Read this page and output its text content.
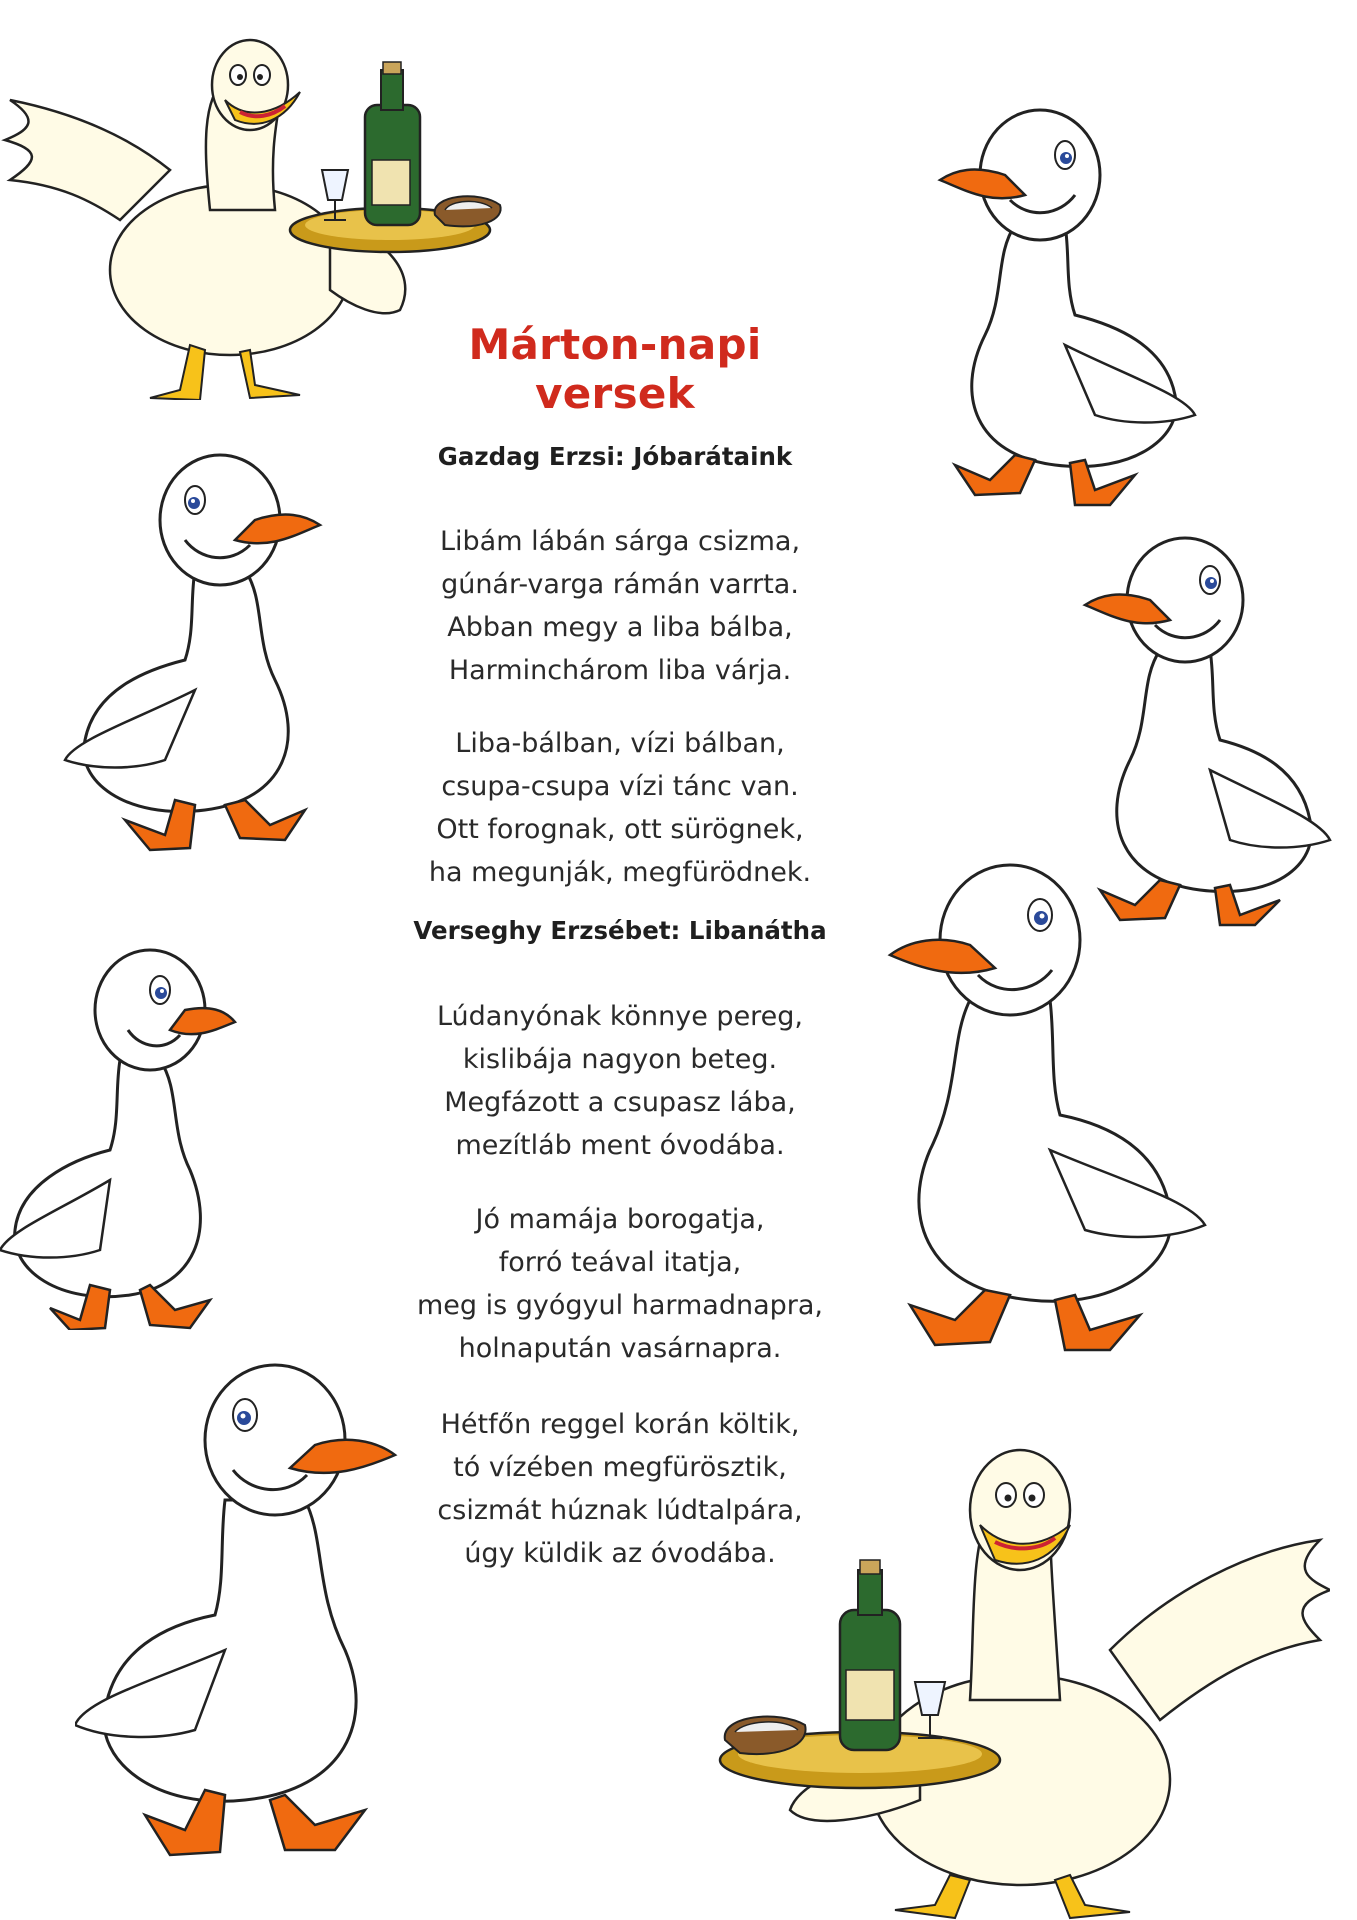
Márton-napi versek
Gazdag Erzsi: Jóbarátaink
Libám lábán sárga csizma,
gúnár-varga rámán varrta.
Abban megy a liba bálba,
Harminchárom liba várja.
Liba-bálban, vízi bálban,
csupa-csupa vízi tánc van.
Ott forognak, ott sürögnek,
ha megunják, megfürödnek.
Verseghy Erzsébet: Libanátha
Lúdanyónak könnye pereg,
kislibája nagyon beteg.
Megfázott a csupasz lába,
mezítláb ment óvodába.
Jó mamája borogatja,
forró teával itatja,
meg is gyógyul harmadnapra,
holnapután vasárnapra.
Hétfőn reggel korán költik,
tó vízében megfürösztik,
csizmát húznak lúdtalpára,
úgy küldik az óvodába.
